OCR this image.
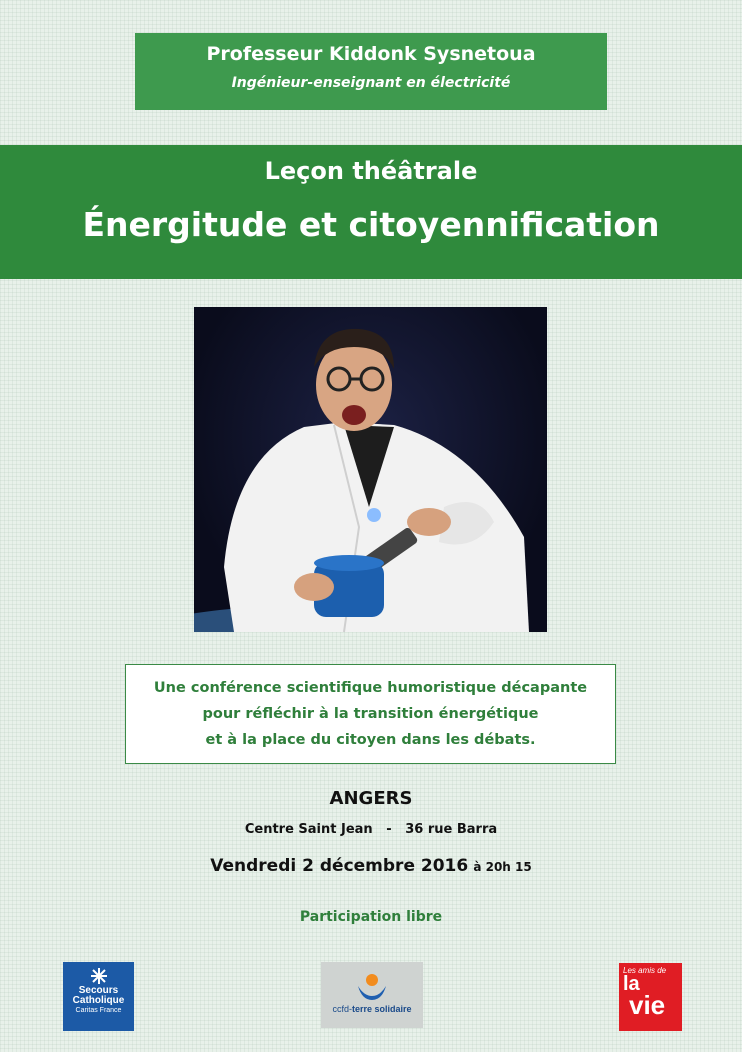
Professeur Kiddonk Sysnetoua
Ingénieur-enseignant en électricité
Leçon théâtrale
Énergitude et citoyennification
Une conférence scientifique humoristique décapante
pour réfléchir à la transition énergétique
et à la place du citoyen dans les débats.
ANGERS
Centre Saint Jean   -   36 rue Barra
Vendredi 2 décembre 2016 à 20h 15
Participation libre
Secours
Catholique
Caritas France	ccfd-terre solidaire
Les amis de
la
vie
